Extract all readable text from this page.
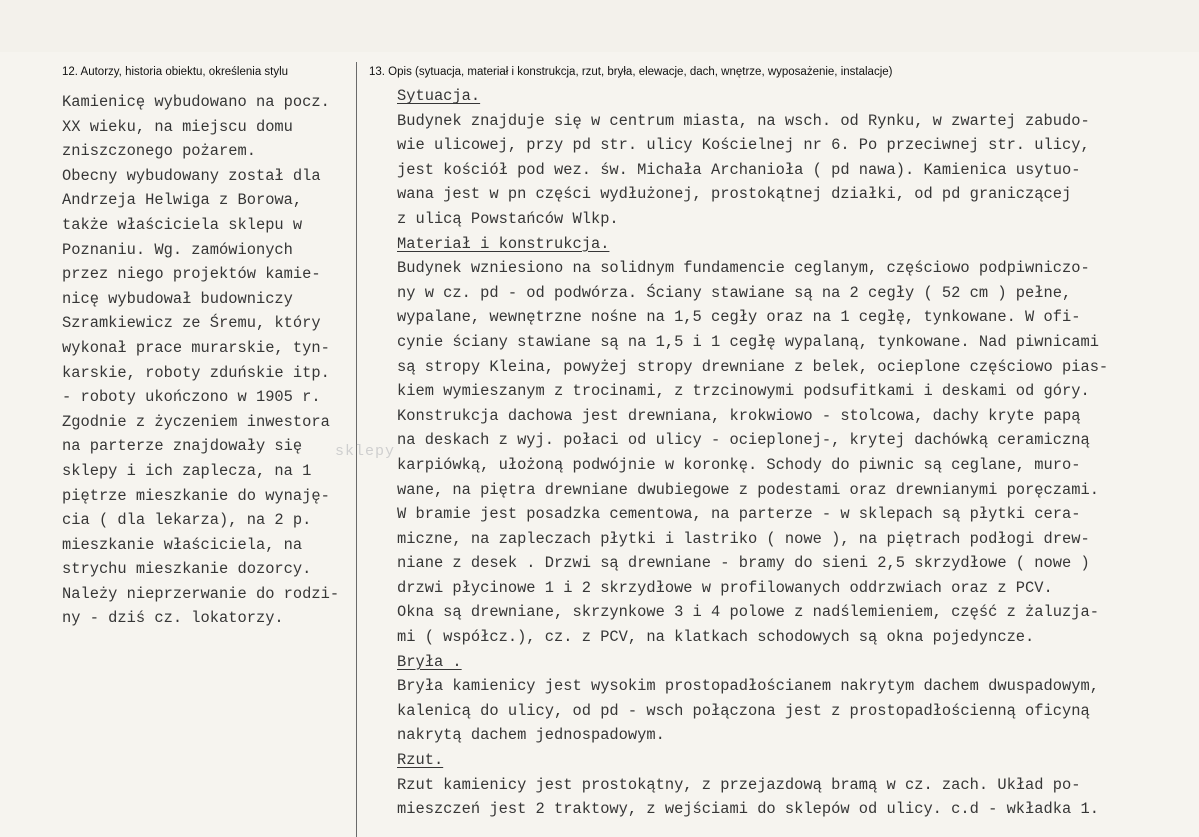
12. Autorzy, historia obiektu, określenia stylu	13. Opis (sytuacja, materiał i konstrukcja, rzut, bryła, elewacje, dach, wnętrze, wyposażenie, instalacje)
Kamienicę wybudowano na pocz.
XX wieku, na miejscu domu
zniszczonego pożarem.
Obecny wybudowany został dla
Andrzeja Helwiga z Borowa,
także właściciela sklepu w
Poznaniu. Wg. zamówionych
przez niego projektów kamie-
nicę wybudował budowniczy
Szramkiewicz ze Śremu, który
wykonał prace murarskie, tyn-
karskie, roboty zduńskie itp.
- roboty ukończono w 1905 r.
Zgodnie z życzeniem inwestora
na parterze znajdowały się
sklepy i ich zaplecza, na 1
piętrze mieszkanie do wynaję-
cia ( dla lekarza), na 2 p.
mieszkanie właściciela, na
strychu mieszkanie dozorcy.
Należy nieprzerwanie do rodzi-
ny - dziś cz. lokatorzy.
sklepy
Sytuacja.
Budynek znajduje się w centrum miasta, na wsch. od Rynku, w zwartej zabudo-
wie ulicowej, przy pd str. ulicy Kościelnej nr 6. Po przeciwnej str. ulicy,
jest kościół pod wez. św. Michała Archanioła ( pd nawa). Kamienica usytuo-
wana jest w pn części wydłużonej, prostokątnej działki, od pd graniczącej
z ulicą Powstańców Wlkp.
Materiał i konstrukcja.
Budynek wzniesiono na solidnym fundamencie ceglanym, częściowo podpiwniczo-
ny w cz. pd - od podwórza. Ściany stawiane są na 2 cegły ( 52 cm ) pełne,
wypalane, wewnętrzne nośne na 1,5 cegły oraz na 1 cegłę, tynkowane. W ofi-
cynie ściany stawiane są na 1,5 i 1 cegłę wypalaną, tynkowane. Nad piwnicami
są stropy Kleina, powyżej stropy drewniane z belek, ocieplone częściowo pias-
kiem wymieszanym z trocinami, z trzcinowymi podsufitkami i deskami od góry.
Konstrukcja dachowa jest drewniana, krokwiowo - stolcowa, dachy kryte papą
na deskach z wyj. połaci od ulicy - ocieplonej-, krytej dachówką ceramiczną
karpiówką, ułożoną podwójnie w koronkę. Schody do piwnic są ceglane, muro-
wane, na piętra drewniane dwubiegowe z podestami oraz drewnianymi poręczami.
W bramie jest posadzka cementowa, na parterze - w sklepach są płytki cera-
miczne, na zapleczach płytki i lastriko ( nowe ), na piętrach podłogi drew-
niane z desek . Drzwi są drewniane - bramy do sieni 2,5 skrzydłowe ( nowe )
drzwi płycinowe 1 i 2 skrzydłowe w profilowanych oddrzwiach oraz z PCV.
Okna są drewniane, skrzynkowe 3 i 4 polowe z nadślemieniem, część z żaluzja-
mi ( współcz.), cz. z PCV, na klatkach schodowych są okna pojedyncze.
Bryła .
Bryła kamienicy jest wysokim prostopadłościanem nakrytym dachem dwuspadowym,
kalenicą do ulicy, od pd - wsch połączona jest z prostopadłościenną oficyną
nakrytą dachem jednospadowym.
Rzut.
Rzut kamienicy jest prostokątny, z przejazdową bramą w cz. zach. Układ po-
mieszczeń jest 2 traktowy, z wejściami do sklepów od ulicy. c.d - wkładka 1.
